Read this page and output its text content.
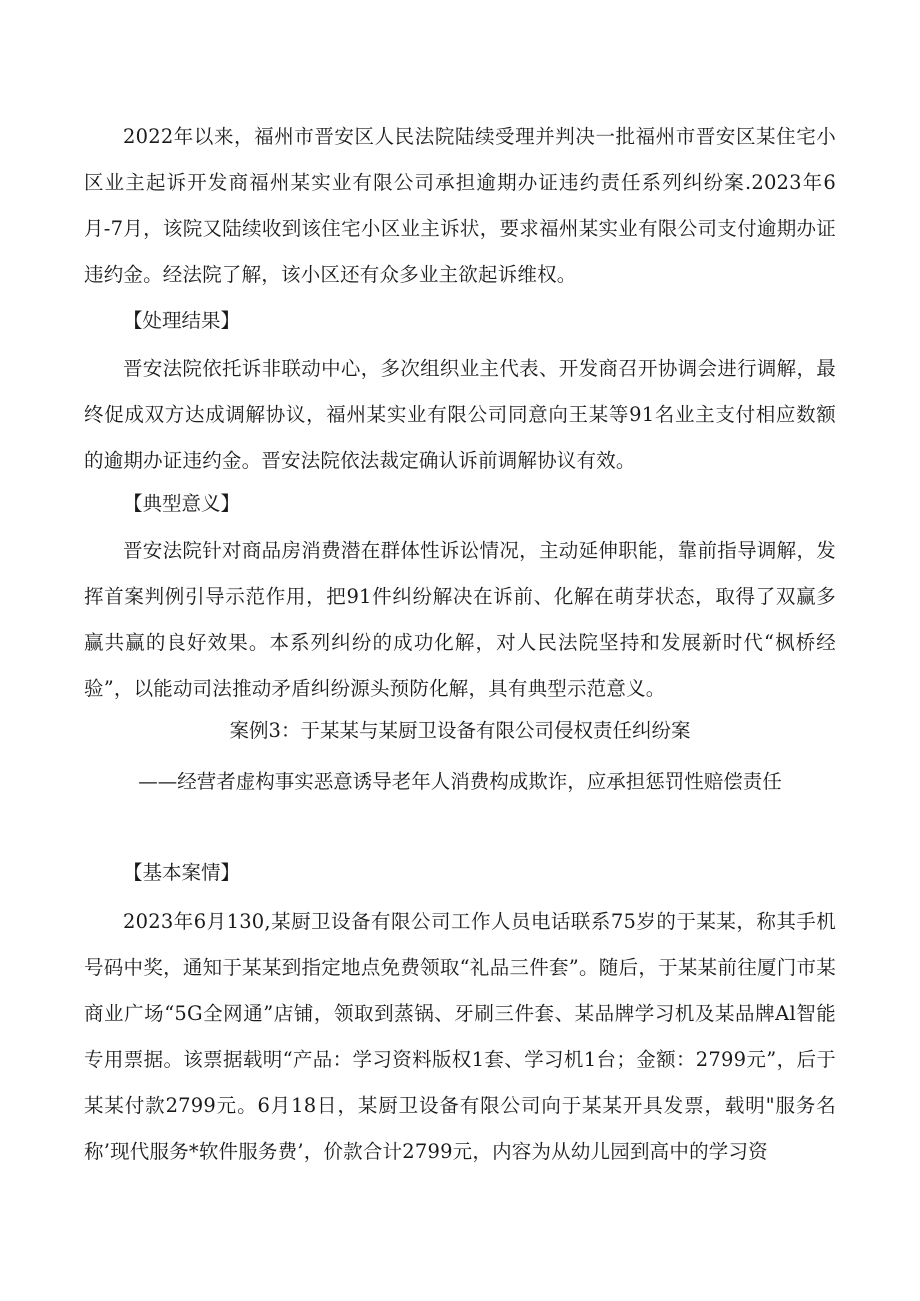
2022年以来，福州市晋安区人民法院陆续受理并判决一批福州市晋安区某住宅小区业主起诉开发商福州某实业有限公司承担逾期办证违约责任系列纠纷案.2023年6月-7月，该院又陆续收到该住宅小区业主诉状，要求福州某实业有限公司支付逾期办证违约金。经法院了解，该小区还有众多业主欲起诉维权。

【处理结果】

晋安法院依托诉非联动中心，多次组织业主代表、开发商召开协调会进行调解，最终促成双方达成调解协议，福州某实业有限公司同意向王某等91名业主支付相应数额的逾期办证违约金。晋安法院依法裁定确认诉前调解协议有效。

【典型意义】

晋安法院针对商品房消费潜在群体性诉讼情况，主动延伸职能，靠前指导调解，发挥首案判例引导示范作用，把91件纠纷解决在诉前、化解在萌芽状态，取得了双赢多赢共赢的良好效果。本系列纠纷的成功化解，对人民法院坚持和发展新时代“枫桥经验”，以能动司法推动矛盾纠纷源头预防化解，具有典型示范意义。

案例3：于某某与某厨卫设备有限公司侵权责任纠纷案

——经营者虚构事实恶意诱导老年人消费构成欺诈，应承担惩罚性赔偿责任

【基本案情】

2023年6月130,某厨卫设备有限公司工作人员电话联系75岁的于某某，称其手机号码中奖，通知于某某到指定地点免费领取“礼品三件套”。随后，于某某前往厦门市某商业广场“5G全网通”店铺，领取到蒸锅、牙刷三件套、某品牌学习机及某品牌Al智能专用票据。该票据载明“产品：学习资料版权1套、学习机1台；金额：2799元”，后于某某付款2799元。6月18日，某厨卫设备有限公司向于某某开具发票，载明"服务名称’现代服务*软件服务费’，价款合计2799元，内容为从幼儿园到高中的学习资
